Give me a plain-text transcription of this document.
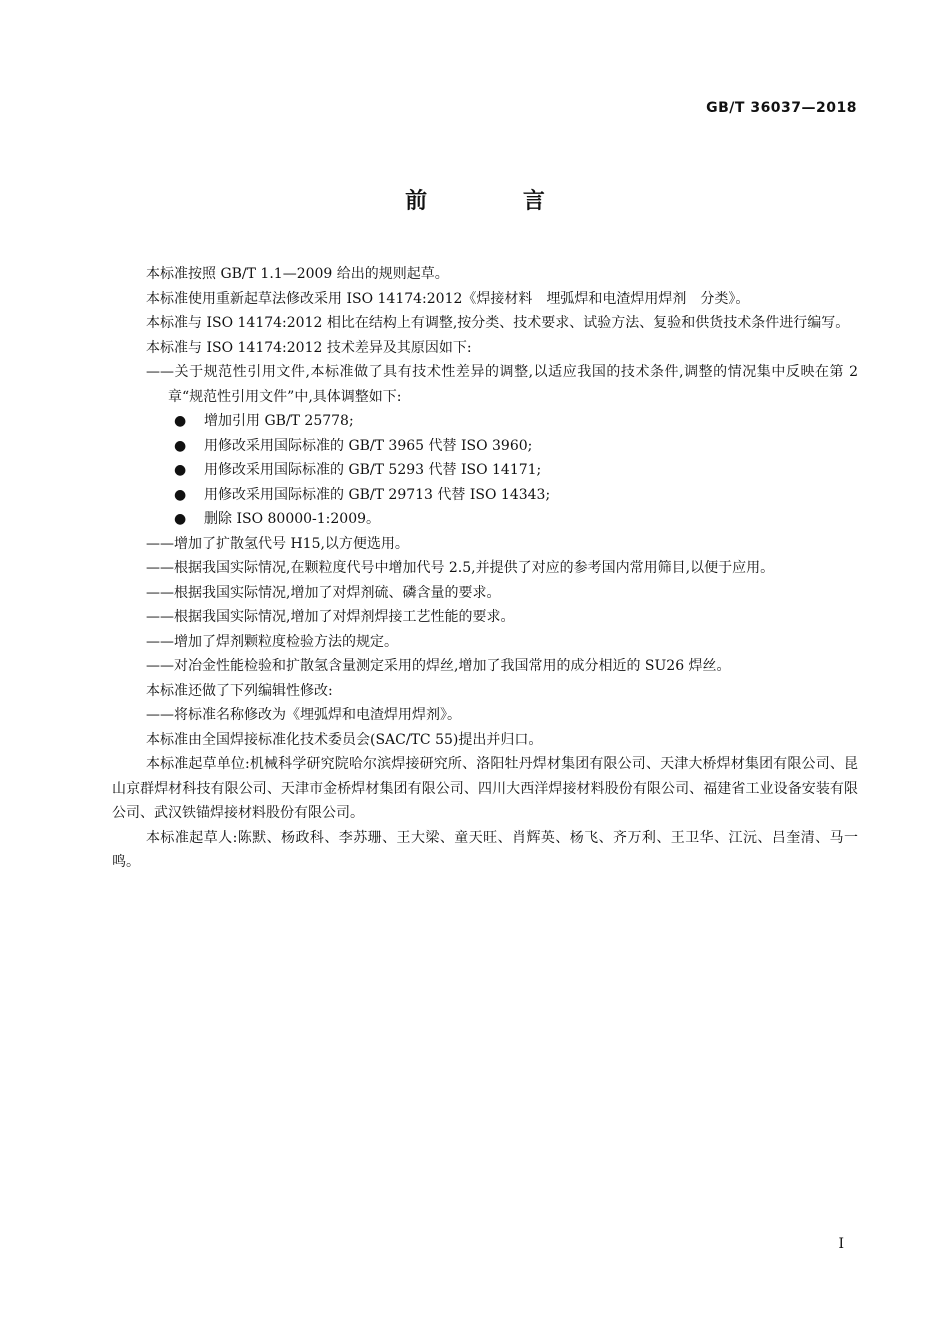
GB/T 36037—2018
前 言

本标准按照 GB/T 1.1—2009 给出的规则起草。

本标准使用重新起草法修改采用 ISO 14174:2012《焊接材料　埋弧焊和电渣焊用焊剂　分类》。

本标准与 ISO 14174:2012 相比在结构上有调整,按分类、技术要求、试验方法、复验和供货技术条件进行编写。

本标准与 ISO 14174:2012 技术差异及其原因如下:

——关于规范性引用文件,本标准做了具有技术性差异的调整,以适应我国的技术条件,调整的情况集中反映在第 2 章“规范性引用文件”中,具体调整如下:

● 增加引用 GB/T 25778;

● 用修改采用国际标准的 GB/T 3965 代替 ISO 3960;

● 用修改采用国际标准的 GB/T 5293 代替 ISO 14171;

● 用修改采用国际标准的 GB/T 29713 代替 ISO 14343;

● 删除 ISO 80000-1:2009。

——增加了扩散氢代号 H15,以方便选用。

——根据我国实际情况,在颗粒度代号中增加代号 2.5,并提供了对应的参考国内常用筛目,以便于应用。

——根据我国实际情况,增加了对焊剂硫、磷含量的要求。

——根据我国实际情况,增加了对焊剂焊接工艺性能的要求。

——增加了焊剂颗粒度检验方法的规定。

——对冶金性能检验和扩散氢含量测定采用的焊丝,增加了我国常用的成分相近的 SU26 焊丝。

本标准还做了下列编辑性修改:

——将标准名称修改为《埋弧焊和电渣焊用焊剂》。

本标准由全国焊接标准化技术委员会(SAC/TC 55)提出并归口。

本标准起草单位:机械科学研究院哈尔滨焊接研究所、洛阳牡丹焊材集团有限公司、天津大桥焊材集团有限公司、昆山京群焊材科技有限公司、天津市金桥焊材集团有限公司、四川大西洋焊接材料股份有限公司、福建省工业设备安装有限公司、武汉铁锚焊接材料股份有限公司。

本标准起草人:陈默、杨政科、李苏珊、王大梁、童天旺、肖辉英、杨飞、齐万利、王卫华、江沅、吕奎清、马一鸣。

I
